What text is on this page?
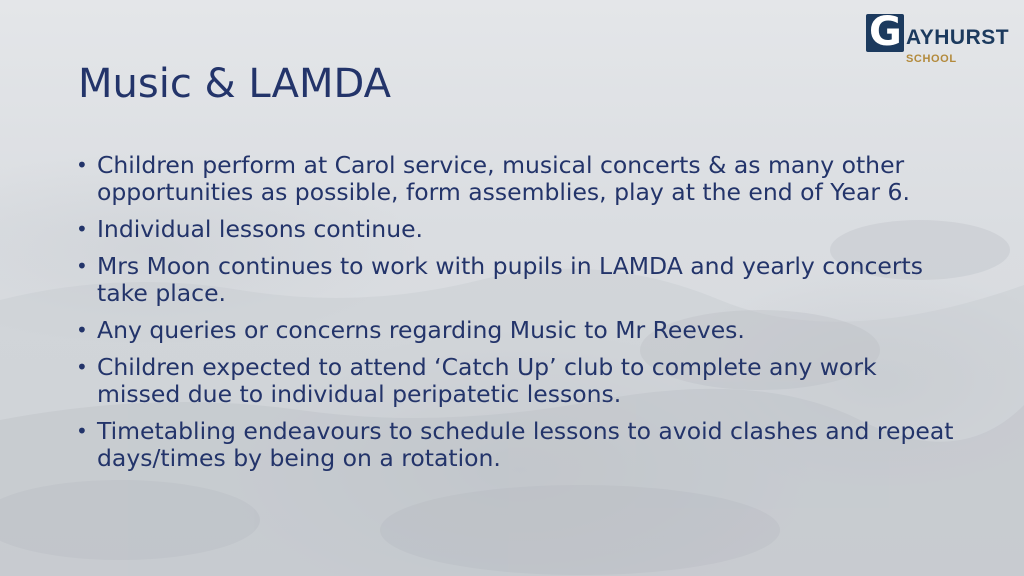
G AYHURST
SCHOOL
Music & LAMDA
• Children perform at Carol service, musical concerts & as many other opportunities as possible, form assemblies, play at the end of Year 6.
• Individual lessons continue.
• Mrs Moon continues to work with pupils in LAMDA and yearly concerts take place.
• Any queries or concerns regarding Music to Mr Reeves.
• Children expected to attend ‘Catch Up’ club to complete any work missed due to individual peripatetic lessons.
• Timetabling endeavours to schedule lessons to avoid clashes and repeat days/times by being on a rotation.
